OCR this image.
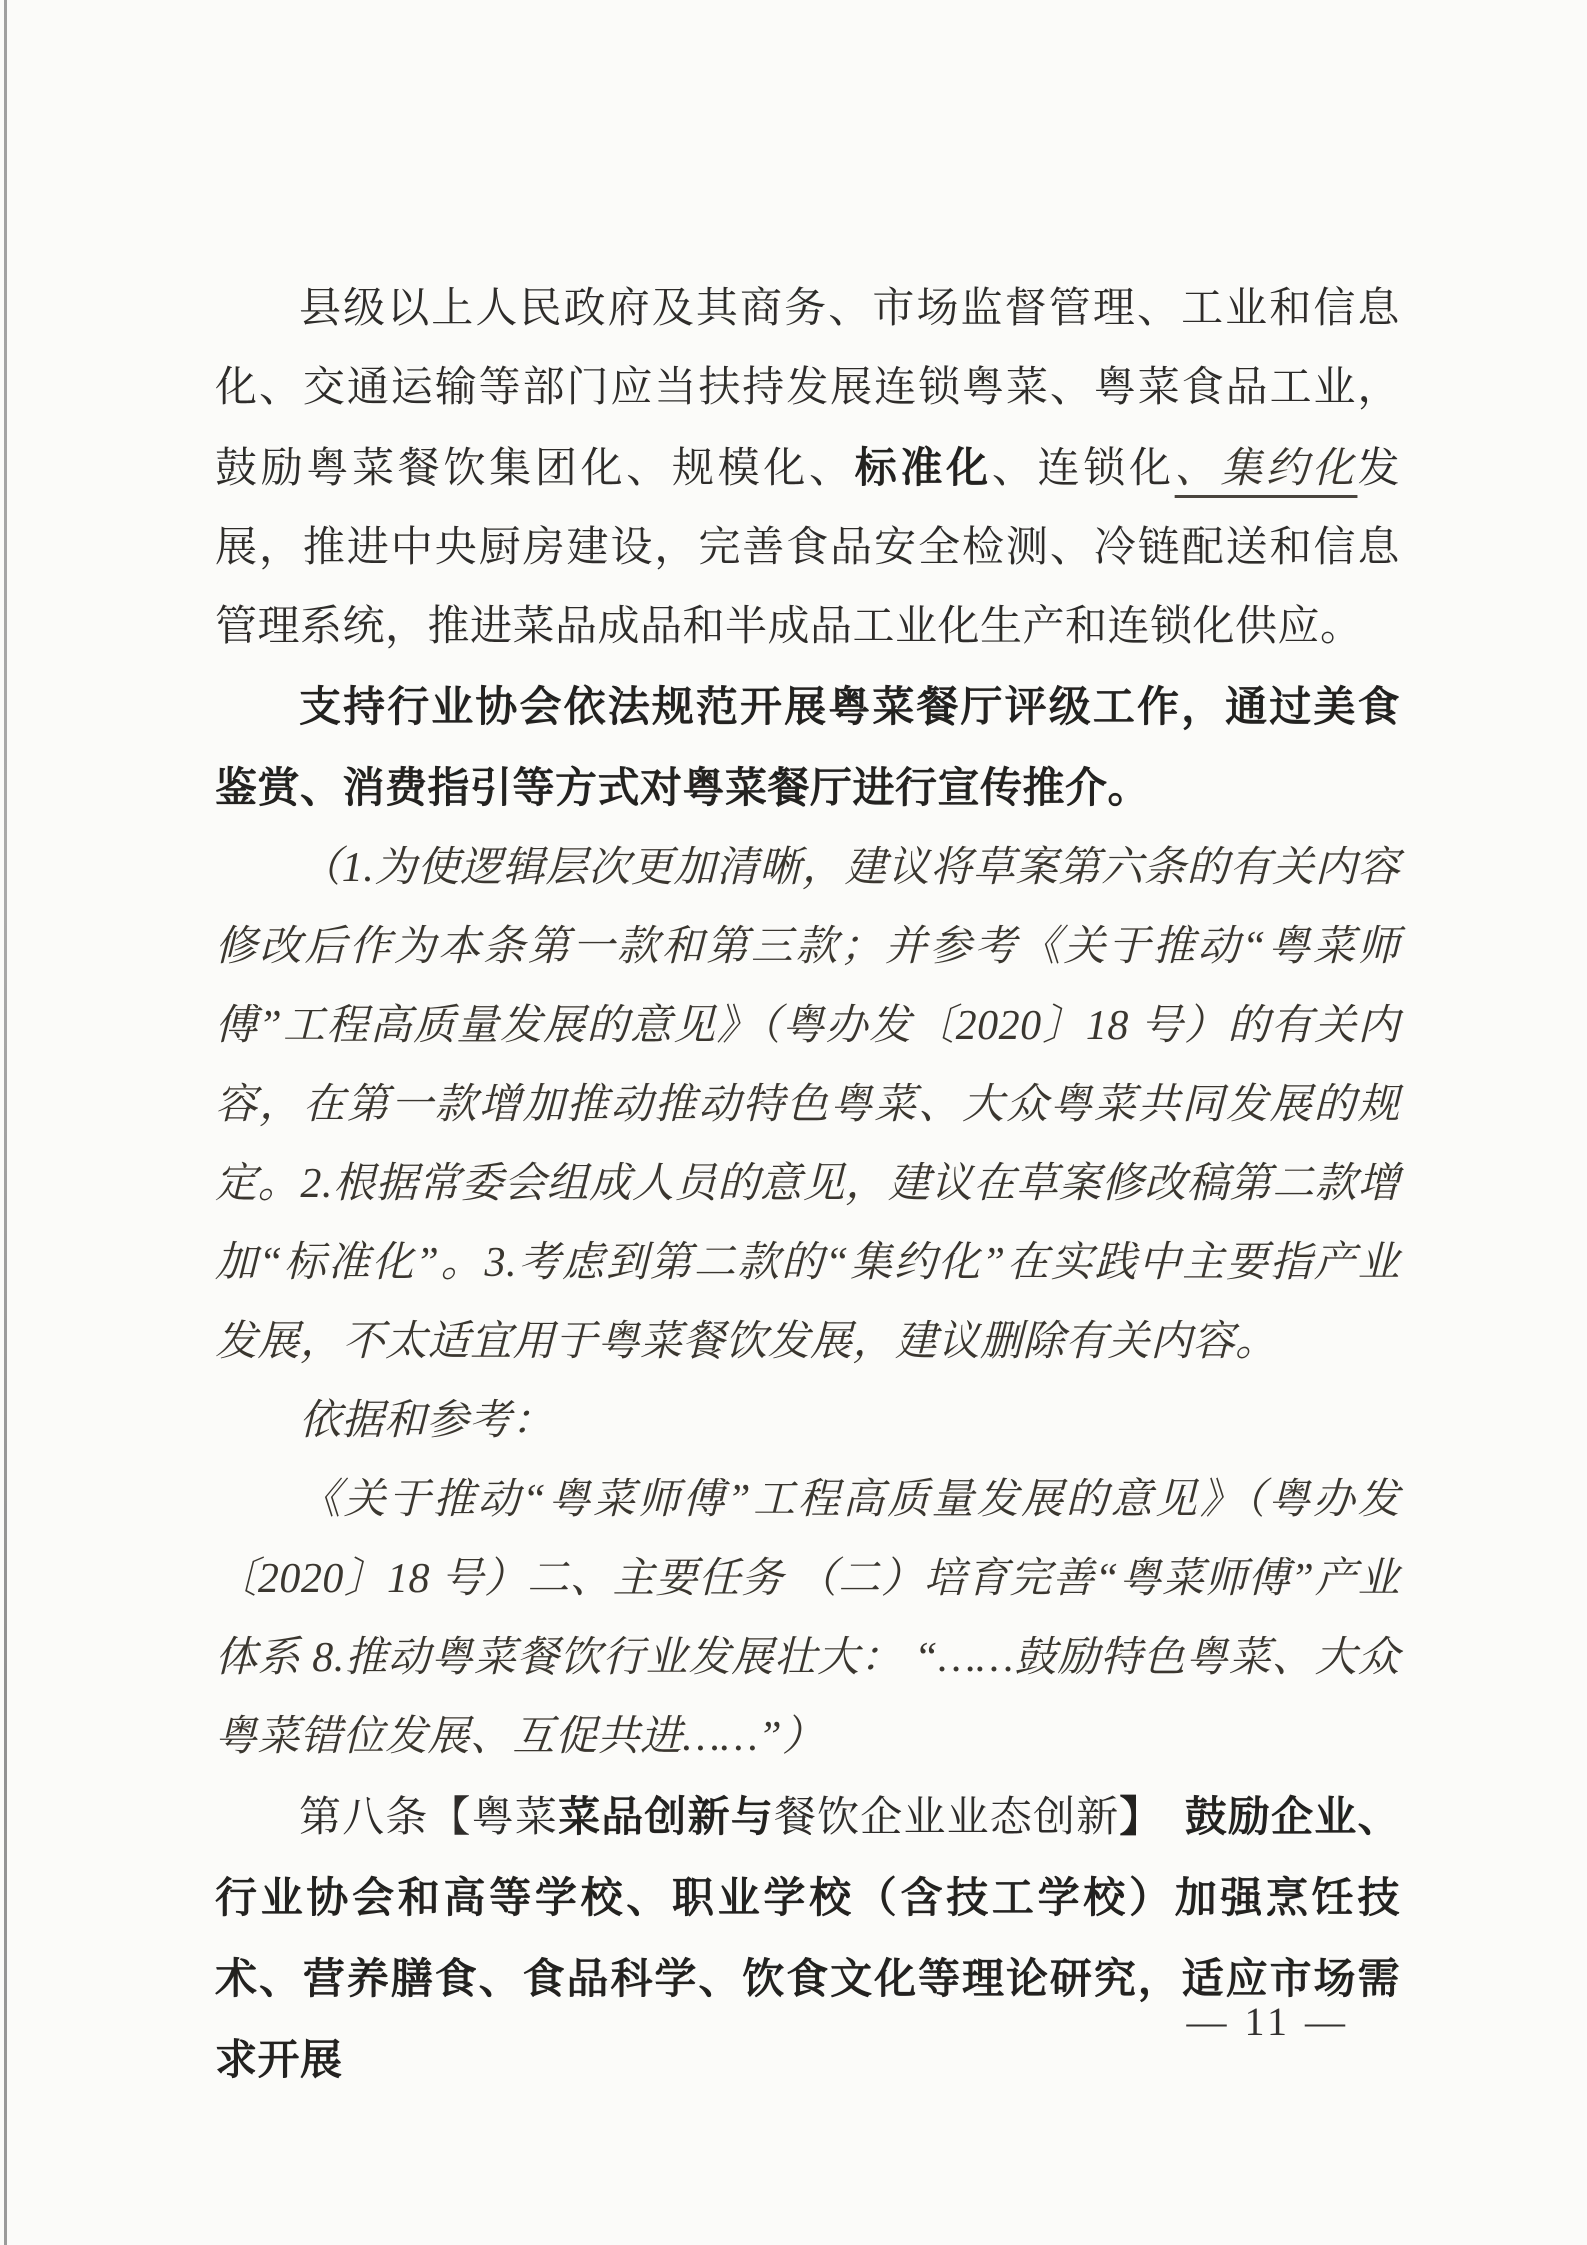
县级以上人民政府及其商务、市场监督管理、工业和信息化、交通运输等部门应当扶持发展连锁粤菜、粤菜食品工业，鼓励粤菜餐饮集团化、规模化、标准化、连锁化、集约化发展，推进中央厨房建设，完善食品安全检测、冷链配送和信息管理系统，推进菜品成品和半成品工业化生产和连锁化供应。

支持行业协会依法规范开展粤菜餐厅评级工作，通过美食鉴赏、消费指引等方式对粤菜餐厅进行宣传推介。

（1.为使逻辑层次更加清晰，建议将草案第六条的有关内容修改后作为本条第一款和第三款；并参考《关于推动“粤菜师傅”工程高质量发展的意见》（粤办发〔2020〕18 号）的有关内容，在第一款增加推动推动特色粤菜、大众粤菜共同发展的规定。2.根据常委会组成人员的意见，建议在草案修改稿第二款增加“标准化”。3.考虑到第二款的“集约化”在实践中主要指产业发展，不太适宜用于粤菜餐饮发展，建议删除有关内容。

依据和参考：

《关于推动“粤菜师傅”工程高质量发展的意见》（粤办发〔2020〕18 号）二、主要任务 （二）培育完善“粤菜师傅”产业体系 8.推动粤菜餐饮行业发展壮大： “……鼓励特色粤菜、大众粤菜错位发展、互促共进……”）

第八条【粤菜菜品创新与餐饮企业业态创新】　鼓励企业、行业协会和高等学校、职业学校（含技工学校）加强烹饪技术、营养膳食、食品科学、饮食文化等理论研究，适应市场需求开展

— 11 —
